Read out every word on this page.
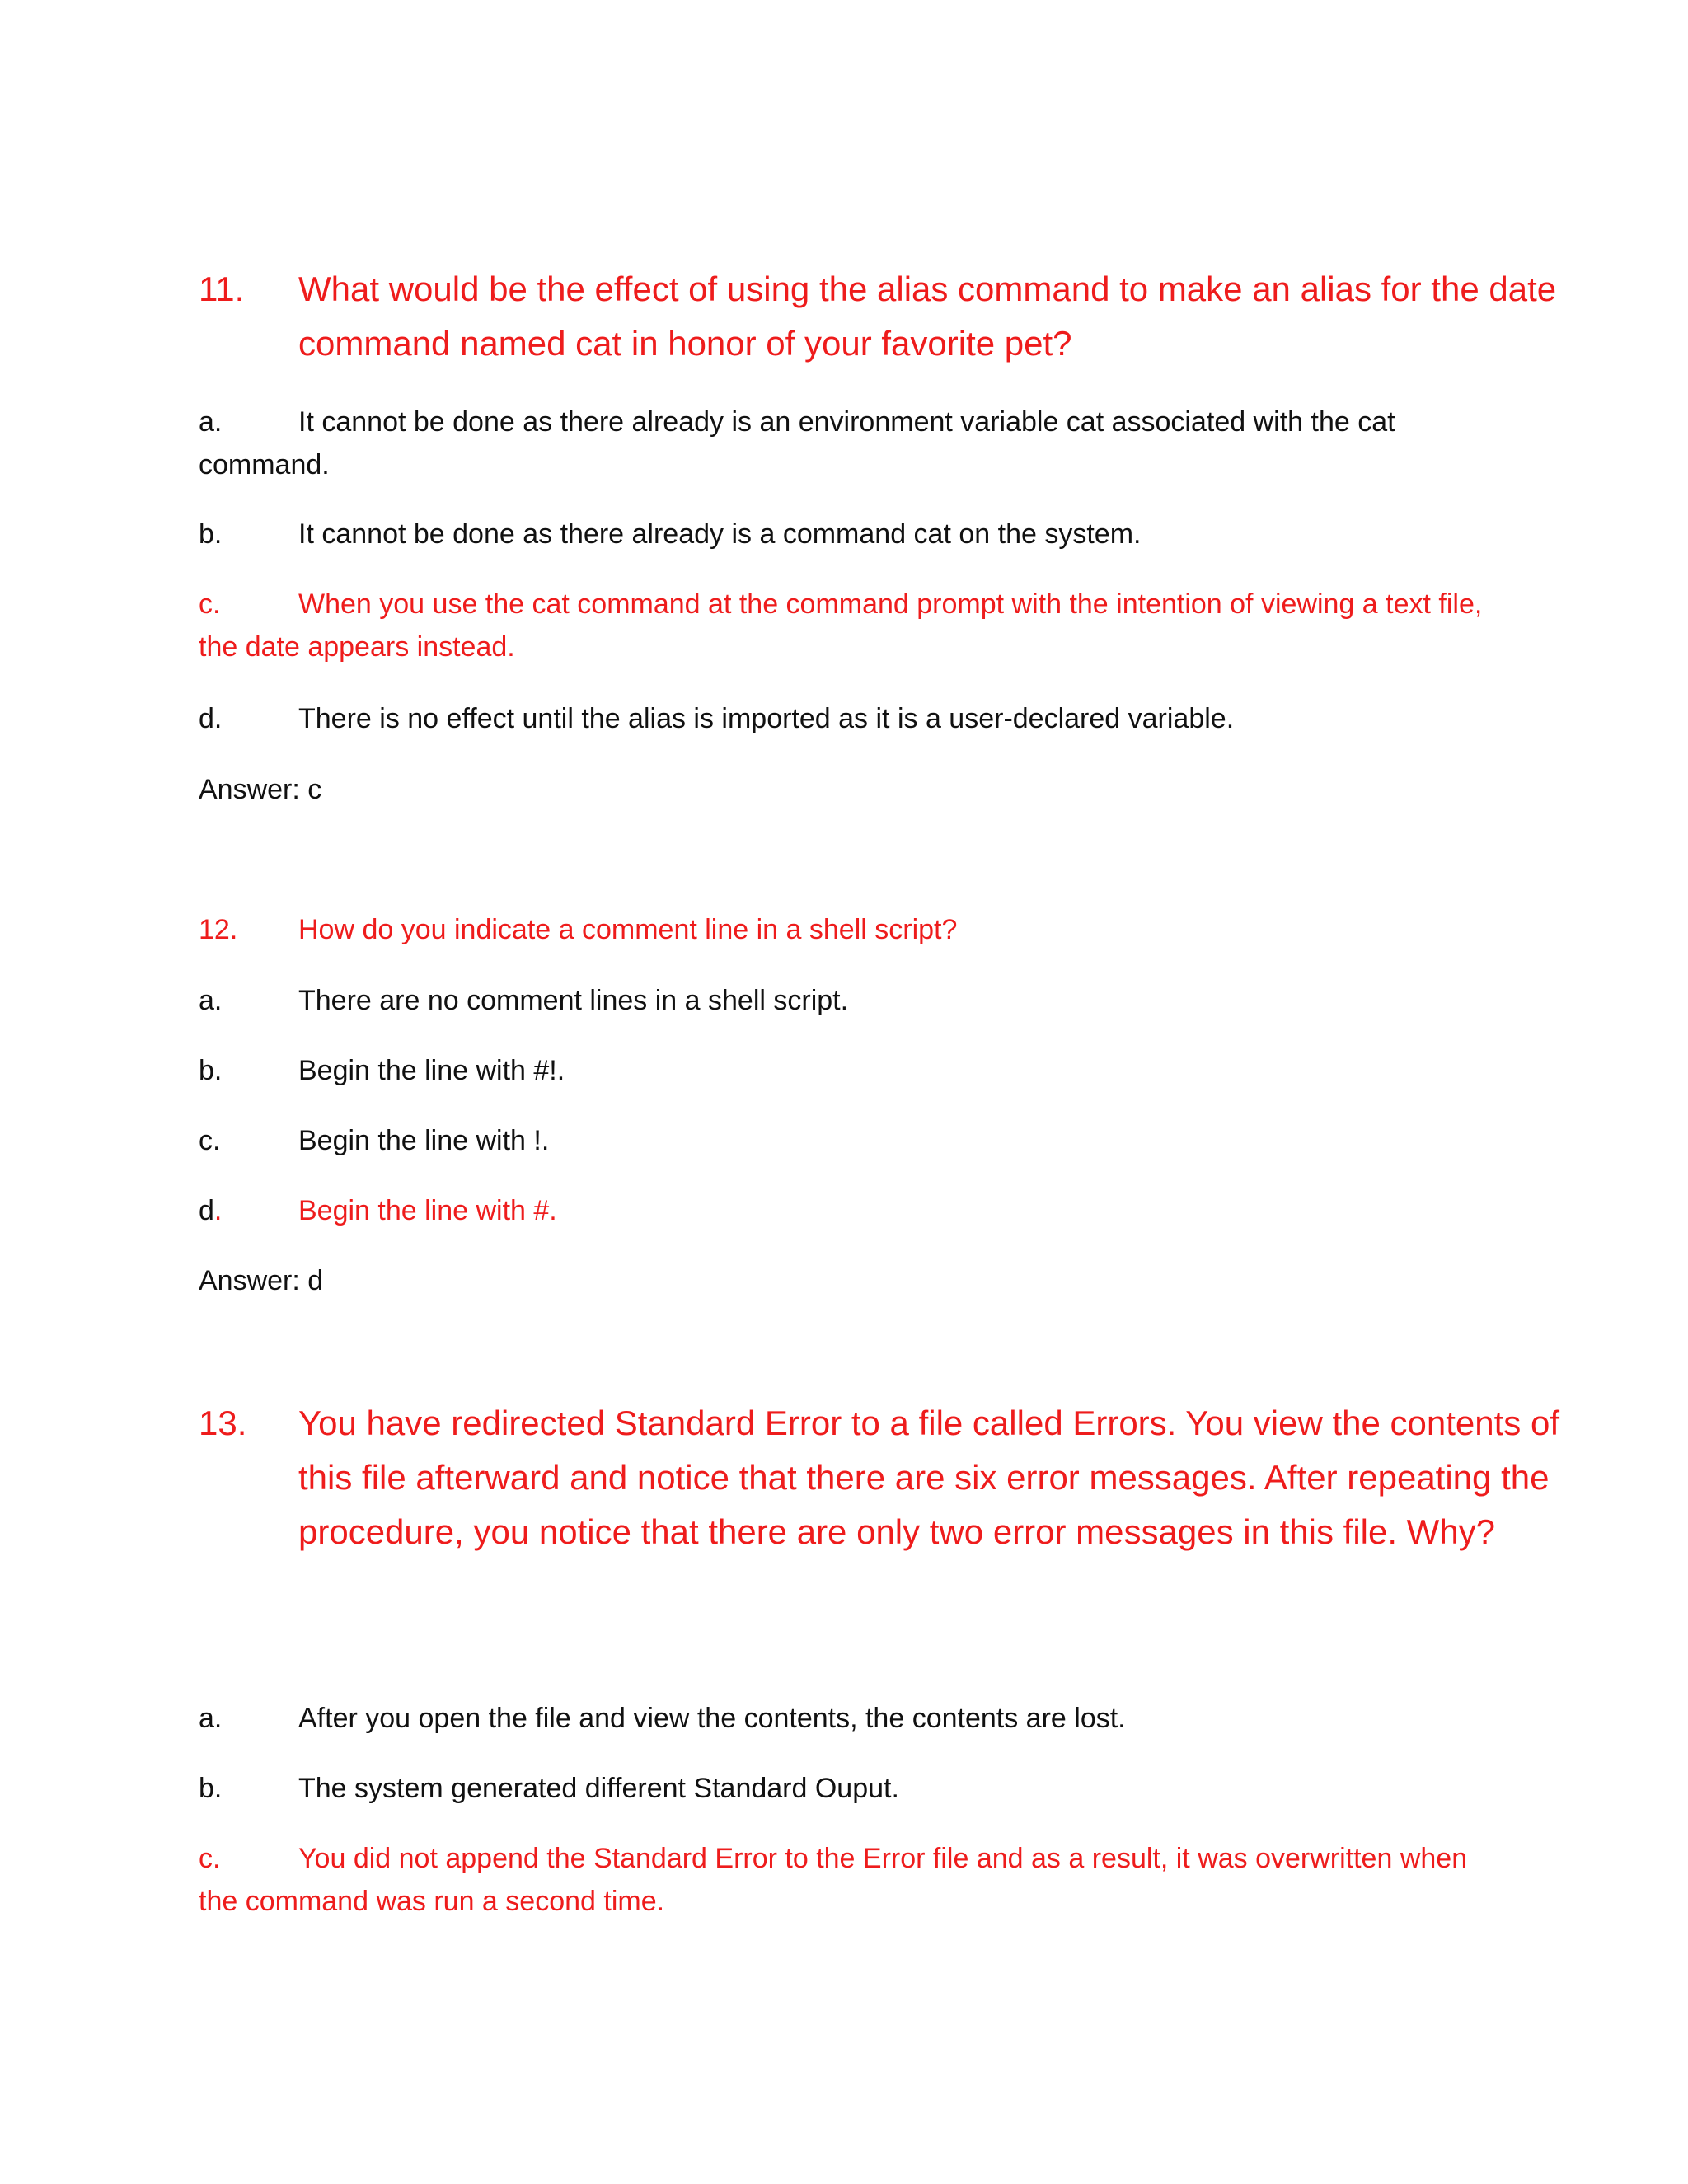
11. What would be the effect of using the alias command to make an alias for the date command named cat in honor of your favorite pet?
a.	It cannot be done as there already is an environment variable cat associated with the cat command.
b.	It cannot be done as there already is a command cat on the system.
c.	When you use the cat command at the command prompt with the intention of viewing a text file, the date appears instead.
d.	There is no effect until the alias is imported as it is a user-declared variable.
Answer: c
12. How do you indicate a comment line in a shell script?
a.	There are no comment lines in a shell script.
b.	Begin the line with #!.
c.	Begin the line with !.
d.	Begin the line with #.
Answer: d
13. You have redirected Standard Error to a file called Errors. You view the contents of this file afterward and notice that there are six error messages. After repeating the procedure, you notice that there are only two error messages in this file. Why?
a.	After you open the file and view the contents, the contents are lost.
b.	The system generated different Standard Ouput.
c.	You did not append the Standard Error to the Error file and as a result, it was overwritten when the command was run a second time.
